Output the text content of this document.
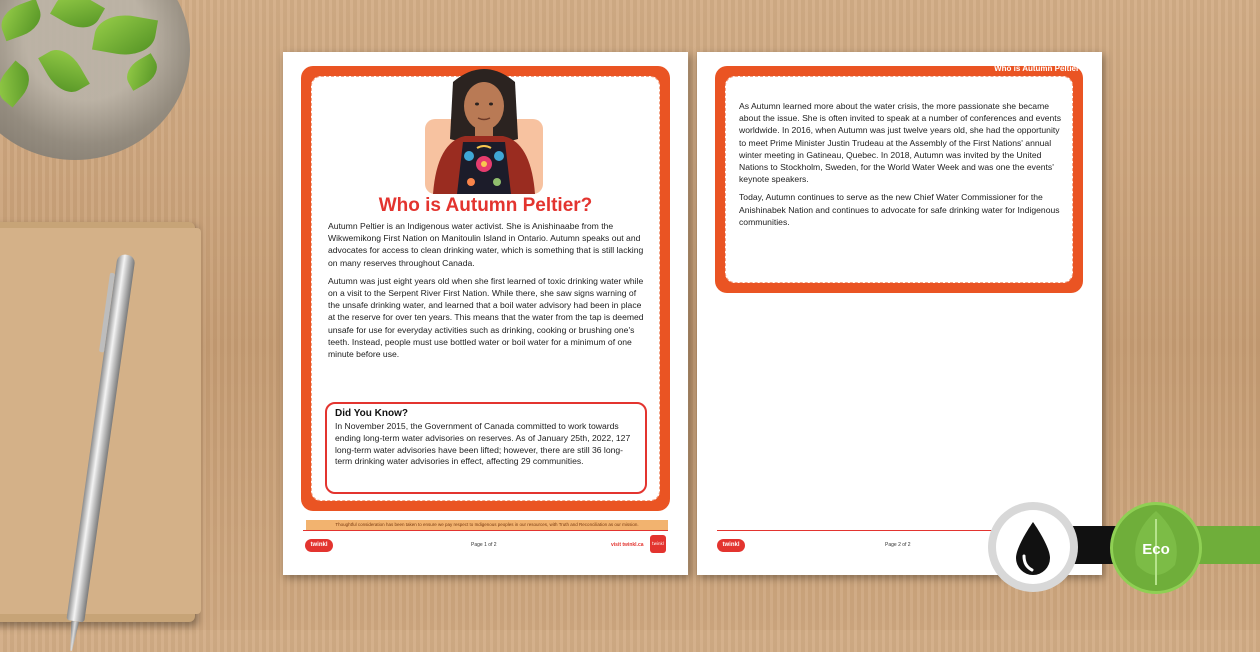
Who is Autumn Peltier?

Autumn Peltier is an Indigenous water activist. She is Anishinaabe from the Wikwemikong First Nation on Manitoulin Island in Ontario. Autumn speaks out and advocates for access to clean drinking water, which is something that is still lacking on many reserves throughout Canada.

Autumn was just eight years old when she first learned of toxic drinking water while on a visit to the Serpent River First Nation. While there, she saw signs warning of the unsafe drinking water, and learned that a boil water advisory had been in place at the reserve for over ten years. This means that the water from the tap is deemed unsafe for use for everyday activities such as drinking, cooking or brushing one's teeth. Instead, people must use bottled water or boil water for a minimum of one minute before use.

Did You Know?
In November 2015, the Government of Canada committed to work towards ending long-term water advisories on reserves. As of January 25th, 2022, 127 long-term water advisories have been lifted; however, there are still 36 long-term drinking water advisories in effect, affecting 29 communities.
Thoughtful consideration has been taken to ensure we pay respect to Indigenous peoples in our resources, with Truth and Reconciliation as our mission.
twinkl	Page 1 of 2	visit twinkl.ca	twinkl
Who is Autumn Peltier?

As Autumn learned more about the water crisis, the more passionate she became about the issue. She is often invited to speak at a number of conferences and events worldwide. In 2016, when Autumn was just twelve years old, she had the opportunity to meet Prime Minister Justin Trudeau at the Assembly of the First Nations' annual winter meeting in Gatineau, Quebec. In 2018, Autumn was invited by the United Nations to Stockholm, Sweden, for the World Water Week and was one the events' keynote speakers.

Today, Autumn continues to serve as the new Chief Water Commissioner for the Anishinabek Nation and continues to advocate for safe drinking water for Indigenous communities.

twinkl	Page 2 of 2	Eco
